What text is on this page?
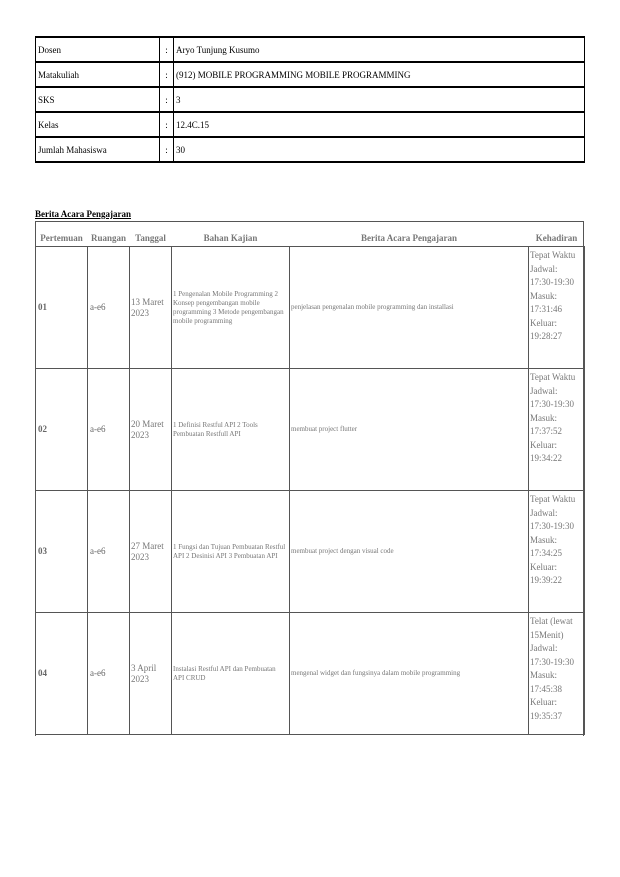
Dosen	:	Aryo Tunjung Kusumo
Matakuliah	:	(912) MOBILE PROGRAMMING MOBILE PROGRAMMING
SKS	:	3
Kelas	:	12.4C.15
Jumlah Mahasiswa	:	30
Berita Acara Pengajaran
Pertemuan	Ruangan	Tanggal	Bahan Kajian	Berita Acara Pengajaran	Kehadiran
01	a-e6	13 Maret 2023	1 Pengenalan Mobile Programming 2 Konsep pengembangan mobile programming 3 Metode pengembangan mobile programming	penjelasan pengenalan mobile programming dan installasi	Tepat Waktu Jadwal: 17:30-19:30 Masuk: 17:31:46 Keluar: 19:28:27
02	a-e6	20 Maret 2023	1 Definisi Restful API 2 Tools Pembuatan Restfull API	membuat project flutter	Tepat Waktu Jadwal: 17:30-19:30 Masuk: 17:37:52 Keluar: 19:34:22
03	a-e6	27 Maret 2023	1 Fungsi dan Tujuan Pembuatan Restful API 2 Desinisi API 3 Pembuatan API	membuat project dengan visual code	Tepat Waktu Jadwal: 17:30-19:30 Masuk: 17:34:25 Keluar: 19:39:22
04	a-e6	3 April 2023	Instalasi Restful API dan Pembuatan API CRUD	mengenal widget dan fungsinya dalam mobile programming	Telat (lewat 15Menit) Jadwal: 17:30-19:30 Masuk: 17:45:38 Keluar: 19:35:37
